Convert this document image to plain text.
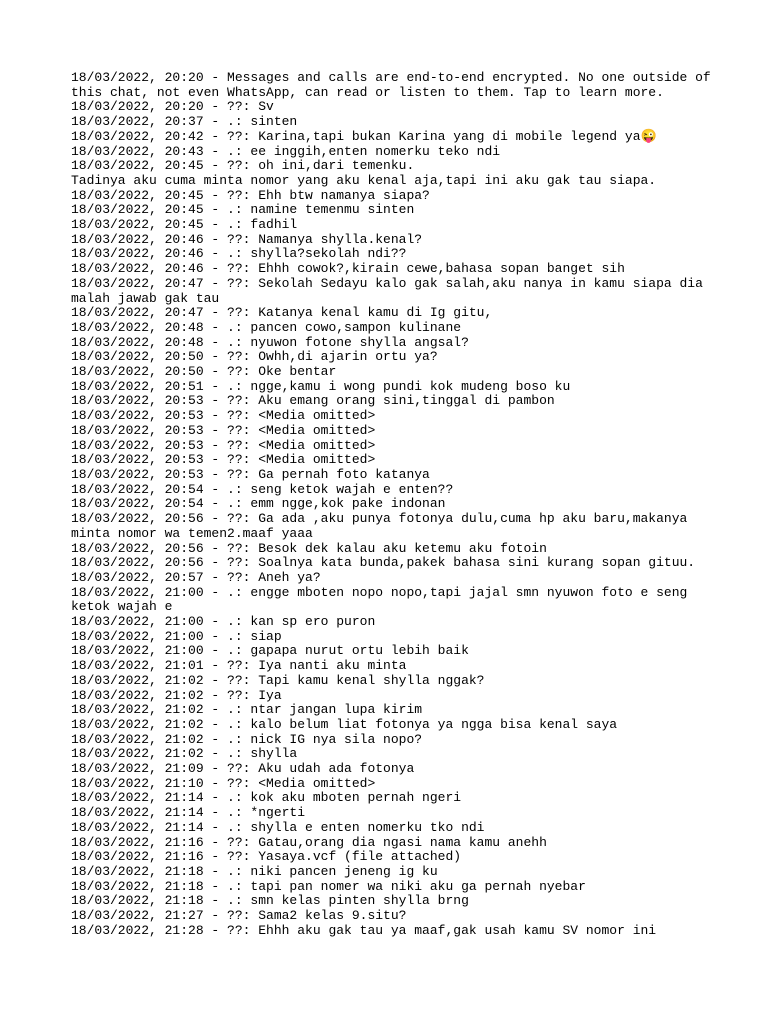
18/03/2022, 20:20 - Messages and calls are end-to-end encrypted. No one outside of
this chat, not even WhatsApp, can read or listen to them. Tap to learn more.
18/03/2022, 20:20 - ??: Sv
18/03/2022, 20:37 - .: sinten
18/03/2022, 20:42 - ??: Karina,tapi bukan Karina yang di mobile legend ya😜
18/03/2022, 20:43 - .: ee inggih,enten nomerku teko ndi
18/03/2022, 20:45 - ??: oh ini,dari temenku.
Tadinya aku cuma minta nomor yang aku kenal aja,tapi ini aku gak tau siapa.
18/03/2022, 20:45 - ??: Ehh btw namanya siapa?
18/03/2022, 20:45 - .: namine temenmu sinten
18/03/2022, 20:45 - .: fadhil
18/03/2022, 20:46 - ??: Namanya shylla.kenal?
18/03/2022, 20:46 - .: shylla?sekolah ndi??
18/03/2022, 20:46 - ??: Ehhh cowok?,kirain cewe,bahasa sopan banget sih
18/03/2022, 20:47 - ??: Sekolah Sedayu kalo gak salah,aku nanya in kamu siapa dia
malah jawab gak tau
18/03/2022, 20:47 - ??: Katanya kenal kamu di Ig gitu,
18/03/2022, 20:48 - .: pancen cowo,sampon kulinane
18/03/2022, 20:48 - .: nyuwon fotone shylla angsal?
18/03/2022, 20:50 - ??: Owhh,di ajarin ortu ya?
18/03/2022, 20:50 - ??: Oke bentar
18/03/2022, 20:51 - .: ngge,kamu i wong pundi kok mudeng boso ku
18/03/2022, 20:53 - ??: Aku emang orang sini,tinggal di pambon
18/03/2022, 20:53 - ??: <Media omitted>
18/03/2022, 20:53 - ??: <Media omitted>
18/03/2022, 20:53 - ??: <Media omitted>
18/03/2022, 20:53 - ??: <Media omitted>
18/03/2022, 20:53 - ??: Ga pernah foto katanya
18/03/2022, 20:54 - .: seng ketok wajah e enten??
18/03/2022, 20:54 - .: emm ngge,kok pake indonan
18/03/2022, 20:56 - ??: Ga ada ,aku punya fotonya dulu,cuma hp aku baru,makanya
minta nomor wa temen2.maaf yaaa
18/03/2022, 20:56 - ??: Besok dek kalau aku ketemu aku fotoin
18/03/2022, 20:56 - ??: Soalnya kata bunda,pakek bahasa sini kurang sopan gituu.
18/03/2022, 20:57 - ??: Aneh ya?
18/03/2022, 21:00 - .: engge mboten nopo nopo,tapi jajal smn nyuwon foto e seng
ketok wajah e
18/03/2022, 21:00 - .: kan sp ero puron
18/03/2022, 21:00 - .: siap
18/03/2022, 21:00 - .: gapapa nurut ortu lebih baik
18/03/2022, 21:01 - ??: Iya nanti aku minta
18/03/2022, 21:02 - ??: Tapi kamu kenal shylla nggak?
18/03/2022, 21:02 - ??: Iya
18/03/2022, 21:02 - .: ntar jangan lupa kirim
18/03/2022, 21:02 - .: kalo belum liat fotonya ya ngga bisa kenal saya
18/03/2022, 21:02 - .: nick IG nya sila nopo?
18/03/2022, 21:02 - .: shylla
18/03/2022, 21:09 - ??: Aku udah ada fotonya
18/03/2022, 21:10 - ??: <Media omitted>
18/03/2022, 21:14 - .: kok aku mboten pernah ngeri
18/03/2022, 21:14 - .: *ngerti
18/03/2022, 21:14 - .: shylla e enten nomerku tko ndi
18/03/2022, 21:16 - ??: Gatau,orang dia ngasi nama kamu anehh
18/03/2022, 21:16 - ??: Yasaya.vcf (file attached)
18/03/2022, 21:18 - .: niki pancen jeneng ig ku
18/03/2022, 21:18 - .: tapi pan nomer wa niki aku ga pernah nyebar
18/03/2022, 21:18 - .: smn kelas pinten shylla brng
18/03/2022, 21:27 - ??: Sama2 kelas 9.situ?
18/03/2022, 21:28 - ??: Ehhh aku gak tau ya maaf,gak usah kamu SV nomor ini
